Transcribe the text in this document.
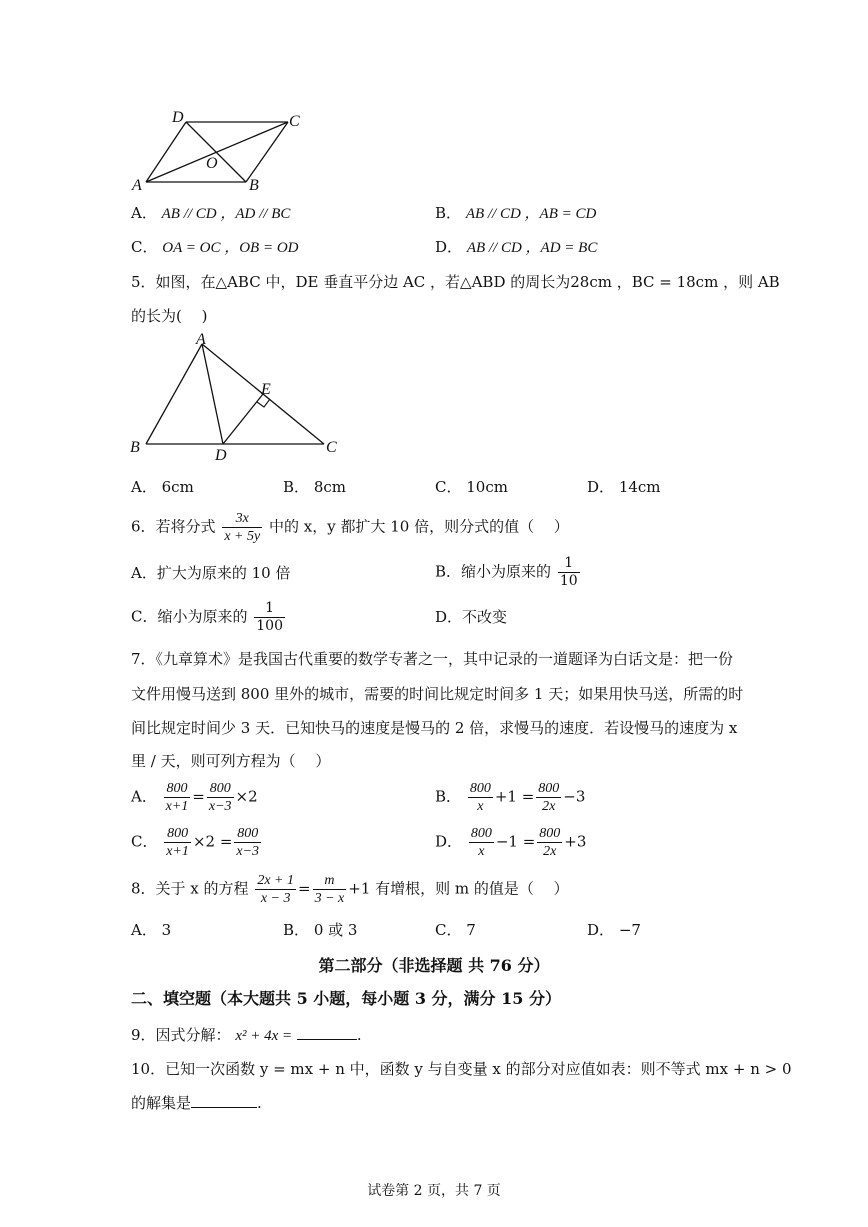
D	C
O
A	B
A． AB // CD ，AD // BC	B． AB // CD ，AB = CD
C． OA = OC ，OB = OD	D． AB // CD ，AD = BC
5．如图，在△ABC 中，DE 垂直平分边 AC ，若△ABD 的周长为28cm ，BC = 18cm ，则 AB
的长为(　 )
A
E
B	D	C
A． 6cm	B． 8cm	C． 10cm	D． 14cm
6．若将分式 $\frac{3x}{x + 5y}$ 中的 x，y 都扩大 10 倍，则分式的值（　 ）
A．扩大为原来的 10 倍	B．缩小为原来的 $\frac{1}{10}$
C．缩小为原来的 $\frac{1}{100}$	D．不改变
7．《九章算术》是我国古代重要的数学专著之一，其中记录的一道题译为白话文是：把一份
文件用慢马送到 800 里外的城市，需要的时间比规定时间多 1 天；如果用快马送，所需的时
间比规定时间少 3 天．已知快马的速度是慢马的 2 倍，求慢马的速度．若设慢马的速度为 x
里 / 天，则可列方程为（　 ）
A． $\frac{800}{x+1} = \frac{800}{x-3} \times 2$	B． $\frac{800}{x} +1 = \frac{800}{2x} -3$
C． $\frac{800}{x+1} \times 2 = \frac{800}{x-3}$	D． $\frac{800}{x} -1 = \frac{800}{2x} +3$
8．关于 x 的方程 $\frac{2x + 1}{x - 3} = \frac{m}{3 - x} +1$ 有增根，则 m 的值是（　 ）
A． 3	B． 0 或 3	C． 7	D． −7
第二部分（非选择题 共 76 分）
二、填空题（本大题共 5 小题，每小题 3 分，满分 15 分）
9．因式分解： x² + 4x =	.
10．已知一次函数 y = mx + n 中，函数 y 与自变量 x 的部分对应值如表：则不等式 mx + n > 0
的解集是	.
试卷第 2 页，共 7 页
